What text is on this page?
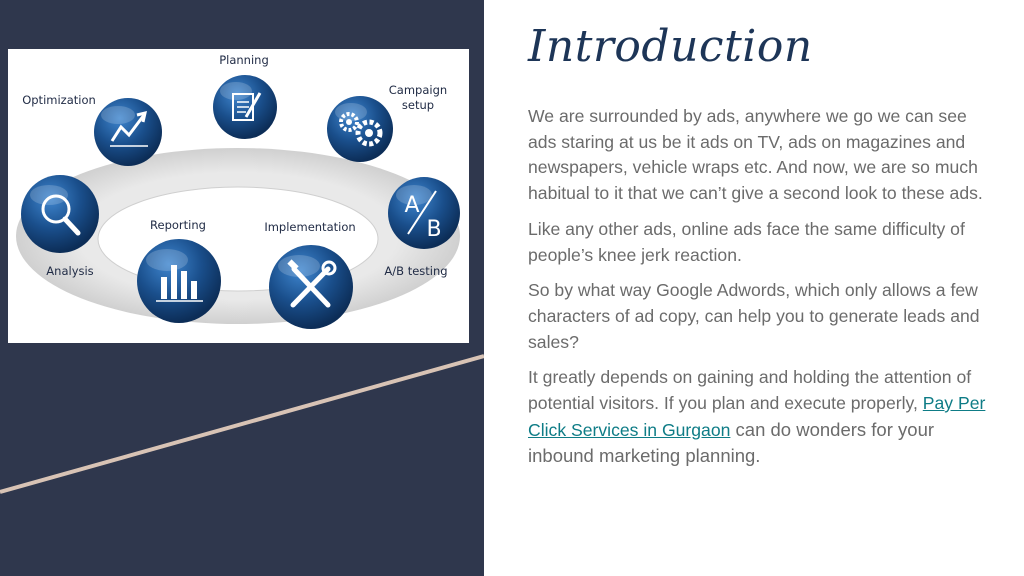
A
B
Planning
Campaign
setup
Optimization
A/B testing
Implementation
Reporting
Analysis
Introduction

We are surrounded by ads, anywhere we go we can see ads staring at us be it ads on TV, ads on magazines and newspapers, vehicle wraps etc. And now, we are so much habitual to it that we can’t give a second look to these ads.

Like any other ads, online ads face the same difficulty of people’s knee jerk reaction.

So by what way Google Adwords, which only allows a few characters of ad copy, can help you to generate leads and sales?

It greatly depends on gaining and holding the attention of potential visitors. If you plan and execute properly, Pay Per Click Services in Gurgaon can do wonders for your inbound marketing planning.
